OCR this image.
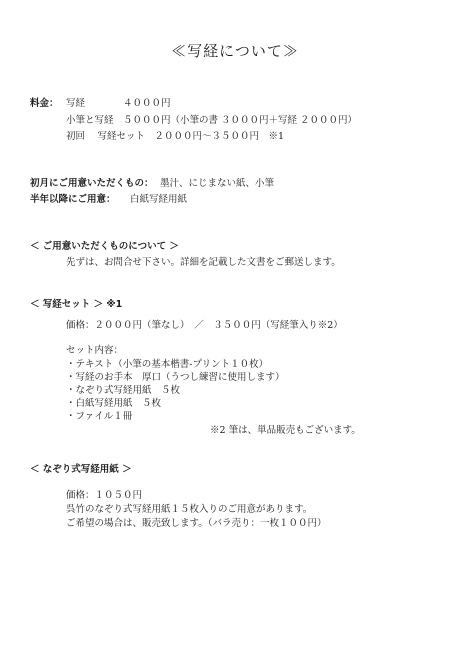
≪写経について≫
料金： 写経　　　　４０００円
小筆と写経　５０００円（小筆の書 ３０００円＋写経 ２０００円）
初回　 写経セット　２０００円～３５００円　※1
初月にご用意いただくもの： 墨汁、にじまない紙、小筆
半年以降にご用意： 白紙写経用紙
＜ ご用意いただくものについて ＞
先ずは、お問合せ下さい。詳細を記載した文書をご郵送します。
＜ 写経セット ＞ ※1
価格：２０００円（筆なし）　／　３５００円（写経筆入り※2）
セット内容：
・テキスト（小筆の基本楷書-プリント１０枚）
・写経のお手本　厚口（うつし練習に使用します）
・なぞり式写経用紙　５枚
・白紙写経用紙　５枚
・ファイル１冊
※2 筆は、単品販売もございます。
＜ なぞり式写経用紙 ＞
価格：１０５０円
呉竹のなぞり式写経用紙１５枚入りのご用意があります。
ご希望の場合は、販売致します。（バラ売り：一枚１００円）
